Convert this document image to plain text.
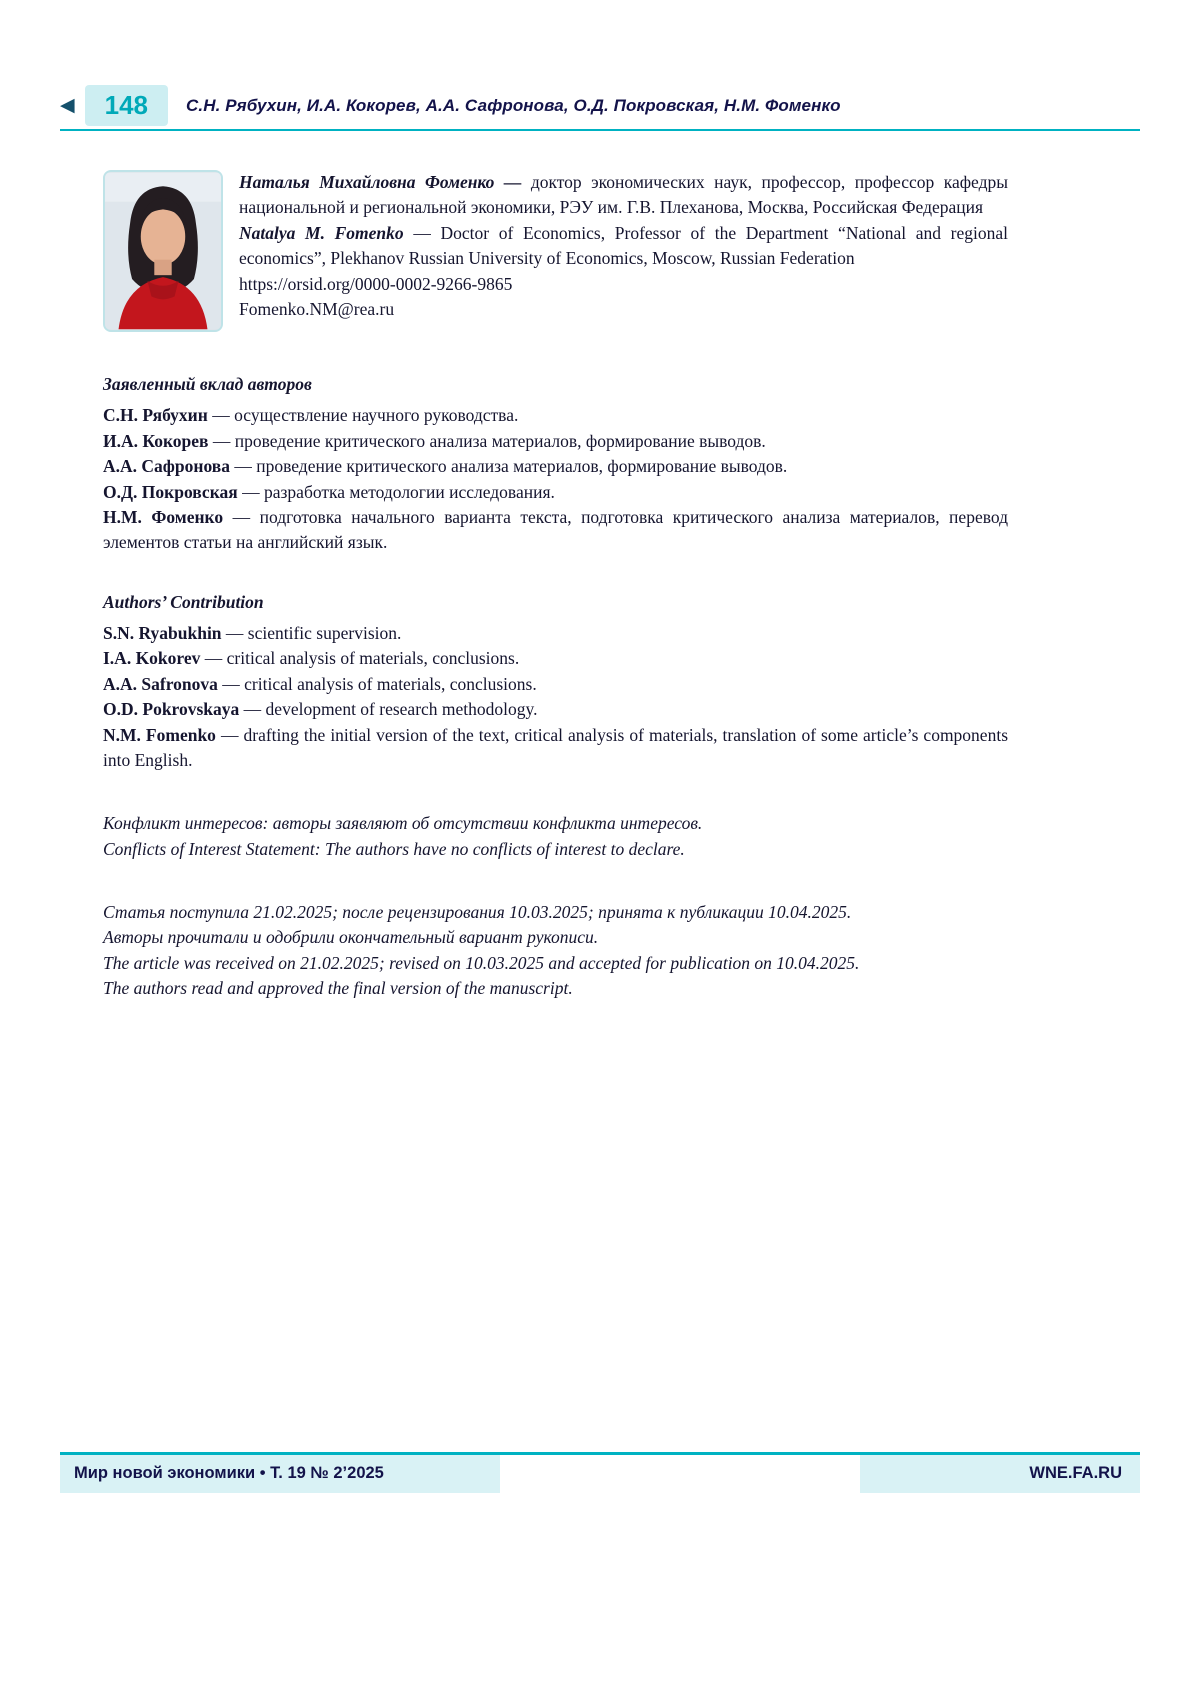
◀	148	С.Н. Рябухин, И.А. Кокорев, А.А. Сафронова, О.Д. Покровская, Н.М. Фоменко

Наталья Михайловна Фоменко — доктор экономических наук, профессор, профессор кафедры национальной и региональной экономики, РЭУ им. Г.В. Плеханова, Москва, Российская Федерация

Natalya M. Fomenko — Doctor of Economics, Professor of the Department “National and regional economics”, Plekhanov Russian University of Economics, Moscow, Russian Federation

https://orsid.org/0000-0002-9266-9865

Fomenko.NM@rea.ru

Заявленный вклад авторов

С.Н. Рябухин — осуществление научного руководства.

И.А. Кокорев — проведение критического анализа материалов, формирование выводов.

А.А. Сафронова — проведение критического анализа материалов, формирование выводов.

О.Д. Покровская — разработка методологии исследования.

Н.М. Фоменко — подготовка начального варианта текста, подготовка критического анализа материалов, перевод элементов статьи на английский язык.

Authors’ Contribution

S.N. Ryabukhin — scientific supervision.

I.A. Kokorev — critical analysis of materials, conclusions.

A.A. Safronova — critical analysis of materials, conclusions.

O.D. Pokrovskaya — development of research methodology.

N.M. Fomenko — drafting the initial version of the text, critical analysis of materials, translation of some article’s components into English.

Конфликт интересов: авторы заявляют об отсутствии конфликта интересов.

Conflicts of Interest Statement: The authors have no conflicts of interest to declare.

Статья поступила 21.02.2025; после рецензирования 10.03.2025; принята к публикации 10.04.2025.

Авторы прочитали и одобрили окончательный вариант рукописи.

The article was received on 21.02.2025; revised on 10.03.2025 and accepted for publication on 10.04.2025.

The authors read and approved the final version of the manuscript.

Мир новой экономики • Т. 19 № 2’2025	WNE.FA.RU
